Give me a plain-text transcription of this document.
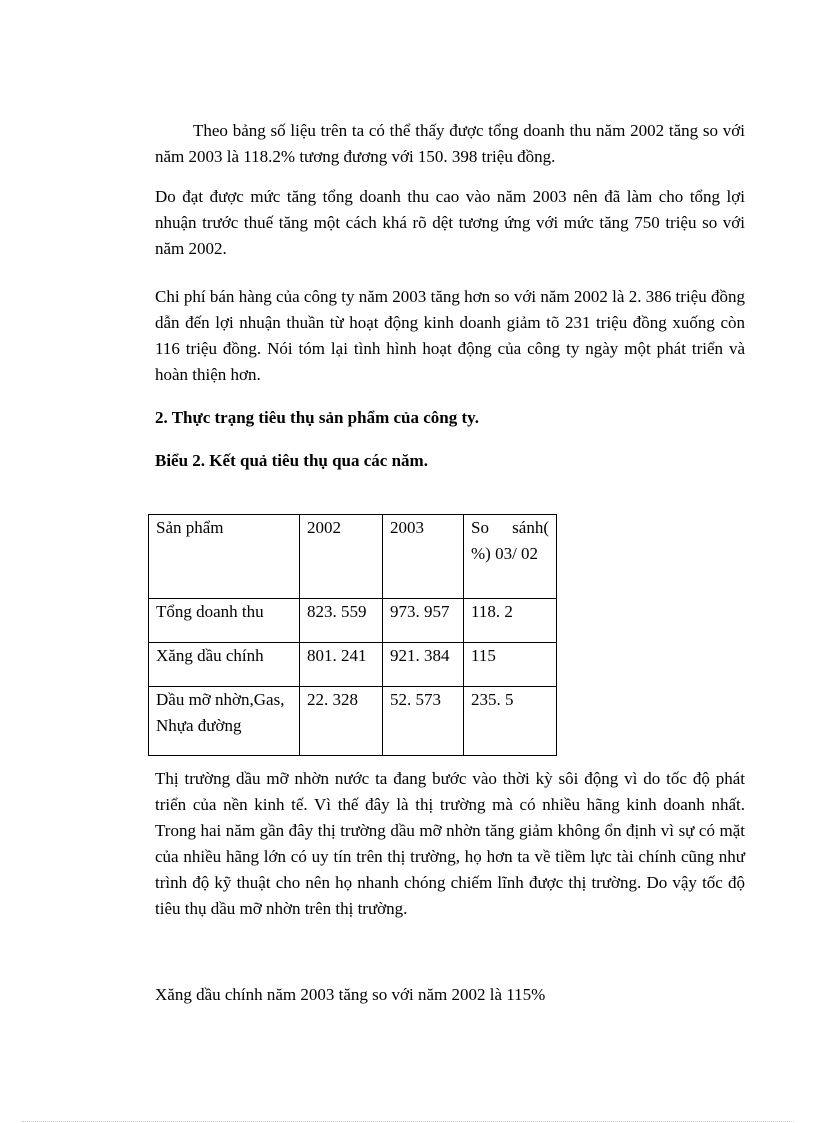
Theo bảng số liệu trên ta có thể thấy được tổng doanh thu năm 2002 tăng so với năm 2003 là 118.2% tương đương với 150. 398 triệu đồng.

Do đạt được mức tăng tổng doanh thu cao vào năm 2003 nên đã làm cho tổng lợi nhuận trước thuế tăng một cách khá rõ dệt tương ứng với mức tăng 750 triệu so với năm 2002.

Chi phí bán hàng của công ty năm 2003 tăng hơn so với năm 2002 là 2. 386 triệu đồng dẫn đến lợi nhuận thuần từ hoạt động kinh doanh giảm tõ 231 triệu đồng xuống còn 116 triệu đồng. Nói tóm lại tình hình hoạt động của công ty ngày một phát triển và hoàn thiện hơn.

2. Thực trạng tiêu thụ sản phẩm của công ty.

Biểu 2. Kết quả tiêu thụ qua các năm.

Sản phẩm	2002	2003	So sánh(
%) 03/ 02

Tổng doanh thu	823. 559	973. 957	118. 2
Xăng dầu chính	801. 241	921. 384	115
Dầu mỡ nhờn,Gas, Nhựa đường	22. 328	52. 573	235. 5

Thị trường dầu mỡ nhờn nước ta đang bước vào thời kỳ sôi động vì do tốc độ phát triển của nền kinh tế. Vì thế đây là thị trường mà có nhiều hãng kinh doanh nhất. Trong hai năm gần đây thị trường dầu mỡ nhờn tăng giảm không ổn định vì sự có mặt của nhiều hãng lớn có uy tín trên thị trường, họ hơn ta về tiềm lực tài chính cũng như trình độ kỹ thuật cho nên họ nhanh chóng chiếm lĩnh được thị trường. Do vậy tốc độ tiêu thụ dầu mỡ nhờn trên thị trường.

Xăng dầu chính năm 2003 tăng so với năm 2002 là 115%
